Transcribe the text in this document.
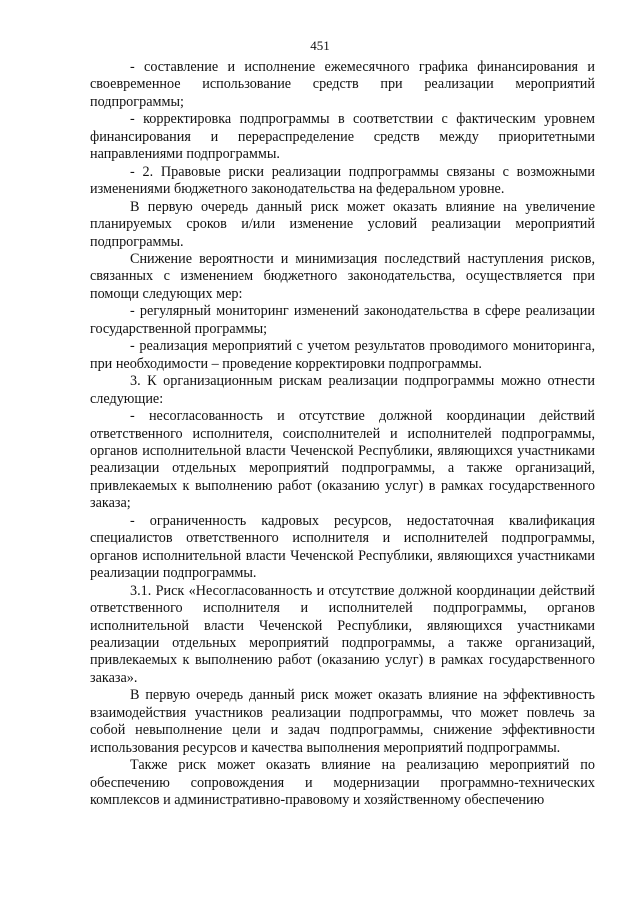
451

- составление и исполнение ежемесячного графика финансирования и своевременное использование средств при реализации мероприятий подпрограммы;

- корректировка подпрограммы в соответствии с фактическим уровнем финансирования и перераспределение средств между приоритетными направлениями подпрограммы.

- 2. Правовые риски реализации подпрограммы связаны с возможными изменениями бюджетного законодательства на федеральном уровне.

В первую очередь данный риск может оказать влияние на увеличение планируемых сроков и/или изменение условий реализации мероприятий подпрограммы.

Снижение вероятности и минимизация последствий наступления рисков, связанных с изменением бюджетного законодательства, осуществляется при помощи следующих мер:

- регулярный мониторинг изменений законодательства в сфере реализации государственной программы;

- реализация мероприятий с учетом результатов проводимого мониторинга, при необходимости – проведение корректировки подпрограммы.

3. К организационным рискам реализации подпрограммы можно отнести следующие:

- несогласованность и отсутствие должной координации действий ответственного исполнителя, соисполнителей и исполнителей подпрограммы, органов исполнительной власти Чеченской Республики, являющихся участниками реализации отдельных мероприятий подпрограммы, а также организаций, привлекаемых к выполнению работ (оказанию услуг) в рамках государственного заказа;

- ограниченность кадровых ресурсов, недостаточная квалификация специалистов ответственного исполнителя и исполнителей подпрограммы, органов исполнительной власти Чеченской Республики, являющихся участниками реализации подпрограммы.

3.1. Риск «Несогласованность и отсутствие должной координации действий ответственного исполнителя и исполнителей подпрограммы, органов исполнительной власти Чеченской Республики, являющихся участниками реализации отдельных мероприятий подпрограммы, а также организаций, привлекаемых к выполнению работ (оказанию услуг) в рамках государственного заказа».

В первую очередь данный риск может оказать влияние на эффективность взаимодействия участников реализации подпрограммы, что может повлечь за собой невыполнение цели и задач подпрограммы, снижение эффективности использования ресурсов и качества выполнения мероприятий подпрограммы.

Также риск может оказать влияние на реализацию мероприятий по обеспечению сопровождения и модернизации программно-технических комплексов и административно-правовому и хозяйственному обеспечению
